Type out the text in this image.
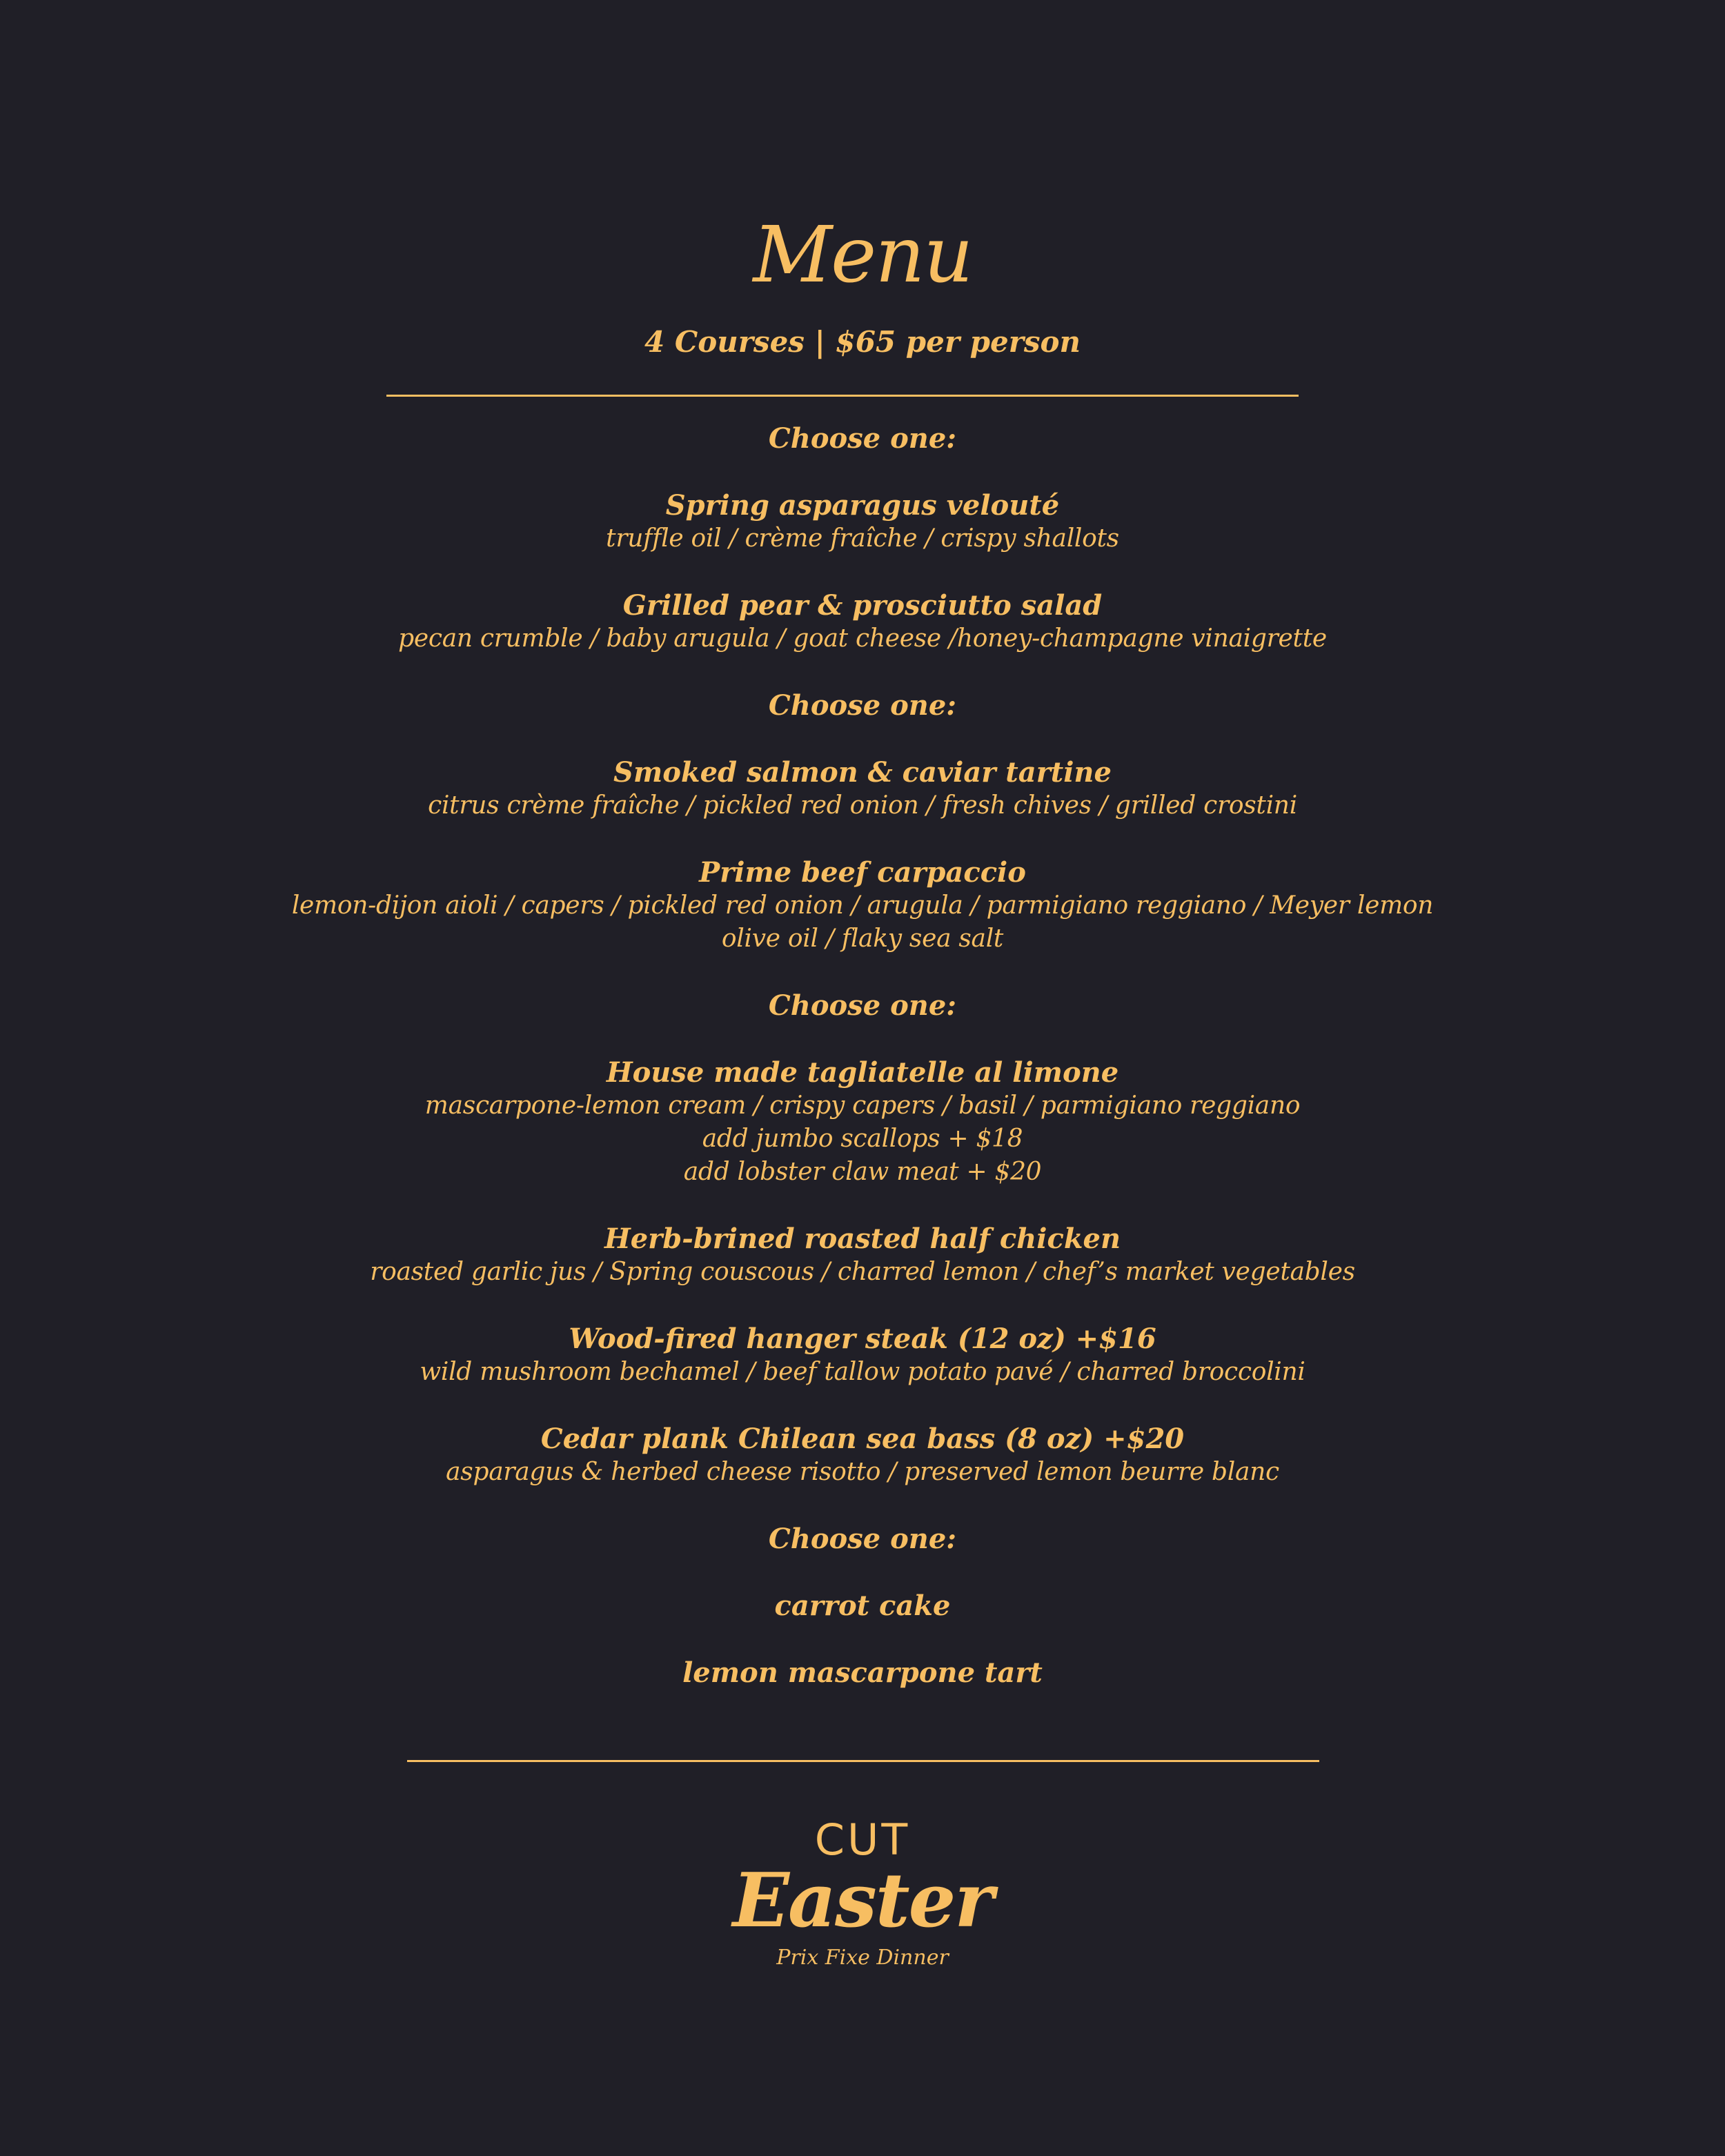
Menu
4 Courses | $65 per person
Choose one:
Spring asparagus velouté
truffle oil / crème fraîche / crispy shallots
Grilled pear & prosciutto salad
pecan crumble / baby arugula / goat cheese /honey-champagne vinaigrette
Choose one:
Smoked salmon & caviar tartine
citrus crème fraîche / pickled red onion / fresh chives / grilled crostini
Prime beef carpaccio
lemon-dijon aioli / capers / pickled red onion / arugula / parmigiano reggiano / Meyer lemon
olive oil / flaky sea salt
Choose one:
House made tagliatelle al limone
mascarpone-lemon cream / crispy capers / basil / parmigiano reggiano
add jumbo scallops + $18
add lobster claw meat + $20
Herb-brined roasted half chicken
roasted garlic jus / Spring couscous / charred lemon / chef’s market vegetables
Wood-fired hanger steak (12 oz) +$16
wild mushroom bechamel / beef tallow potato pavé / charred broccolini
Cedar plank Chilean sea bass (8 oz) +$20
asparagus & herbed cheese risotto / preserved lemon beurre blanc
Choose one:
carrot cake
lemon mascarpone tart
CUT
Easter
Prix Fixe Dinner
